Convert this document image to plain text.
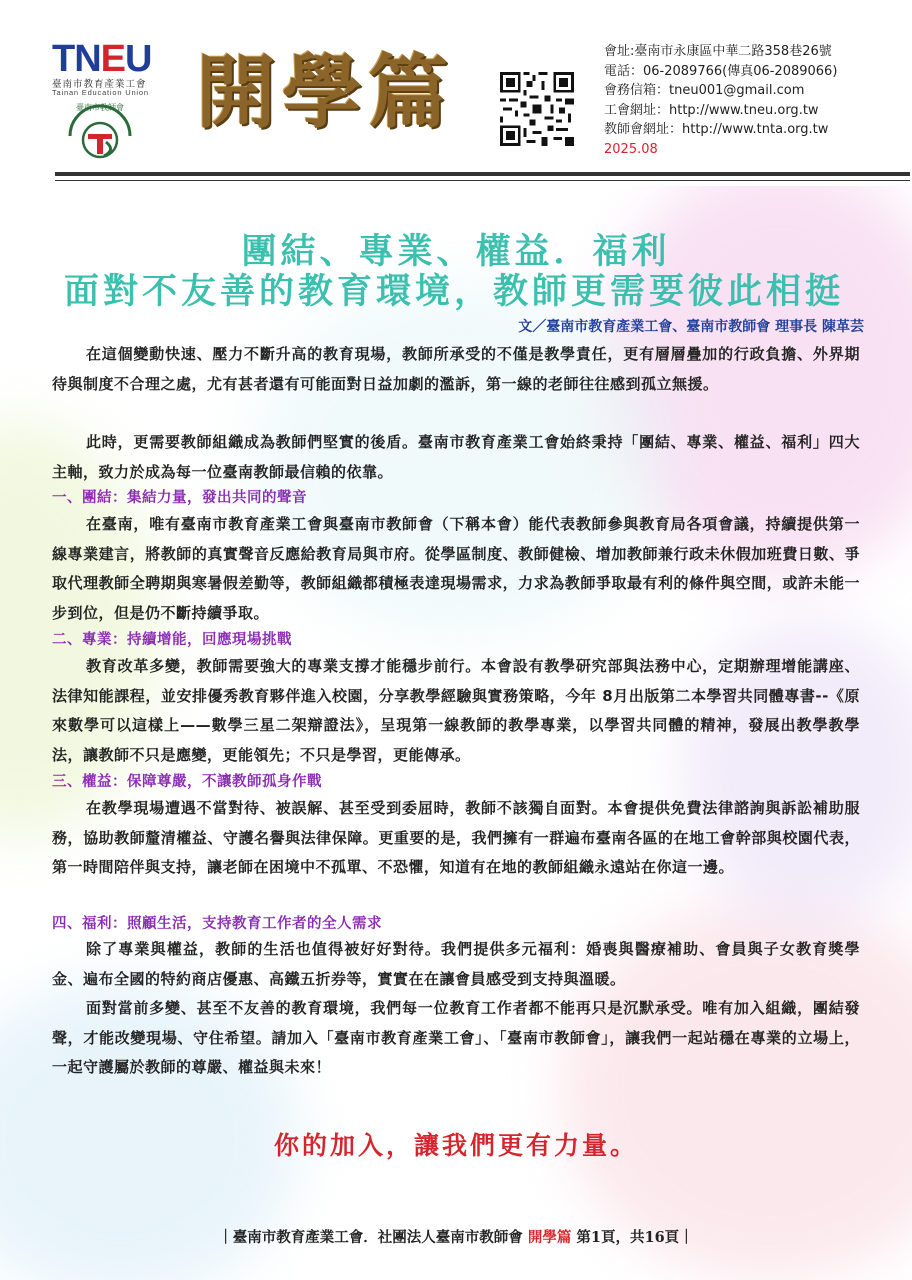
TNEU
臺南市教育產業工會
Tainan Education Union
臺南市教師會 開學篇	會址:臺南市永康區中華二路358巷26號
電話：06-2089766(傳真06-2089066)
會務信箱：tneu001@gmail.com
工會網址：http://www.tneu.org.tw
教師會網址：http://www.tnta.org.tw
2025.08
團結、專業、權益．福利
面對不友善的教育環境，教師更需要彼此相挺
文／臺南市教育產業工會、臺南市教師會 理事長 陳革芸
在這個變動快速、壓力不斷升高的教育現場，教師所承受的不僅是教學責任，更有層層疊加的行政負擔、外界期待與制度不合理之處，尤有甚者還有可能面對日益加劇的濫訴，第一線的老師往往感到孤立無援。
此時，更需要教師組織成為教師們堅實的後盾。臺南市教育產業工會始終秉持「團結、專業、權益、福利」四大主軸，致力於成為每一位臺南教師最信賴的依靠。
一、團結：集結力量，發出共同的聲音
在臺南，唯有臺南市教育產業工會與臺南市教師會（下稱本會）能代表教師參與教育局各項會議，持續提供第一線專業建言，將教師的真實聲音反應給教育局與市府。從學區制度、教師健檢、增加教師兼行政未休假加班費日數、爭取代理教師全聘期與寒暑假差勤等，教師組織都積極表達現場需求，力求為教師爭取最有利的條件與空間，或許未能一步到位，但是仍不斷持續爭取。
二、專業：持續增能，回應現場挑戰
教育改革多變，教師需要強大的專業支撐才能穩步前行。本會設有教學研究部與法務中心，定期辦理增能講座、法律知能課程，並安排優秀教育夥伴進入校園，分享教學經驗與實務策略，今年 8月出版第二本學習共同體專書--《原來數學可以這樣上——數學三星二架辯證法》，呈現第一線教師的教學專業，以學習共同體的精神，發展出教學教學法，讓教師不只是應變，更能領先；不只是學習，更能傳承。
三、權益：保障尊嚴，不讓教師孤身作戰
在教學現場遭遇不當對待、被誤解、甚至受到委屈時，教師不該獨自面對。本會提供免費法律諮詢與訴訟補助服務，協助教師釐清權益、守護名譽與法律保障。更重要的是，我們擁有一群遍布臺南各區的在地工會幹部與校園代表，第一時間陪伴與支持，讓老師在困境中不孤單、不恐懼，知道有在地的教師組織永遠站在你這一邊。
四、福利：照顧生活，支持教育工作者的全人需求
除了專業與權益，教師的生活也值得被好好對待。我們提供多元福利：婚喪與醫療補助、會員與子女教育獎學金、遍布全國的特約商店優惠、高鐵五折券等，實實在在讓會員感受到支持與溫暖。
面對當前多變、甚至不友善的教育環境，我們每一位教育工作者都不能再只是沉默承受。唯有加入組織，團結發聲，才能改變現場、守住希望。請加入「臺南市教育產業工會」、「臺南市教師會」，讓我們一起站穩在專業的立場上，一起守護屬於教師的尊嚴、權益與未來！
你的加入，讓我們更有力量。
｜臺南市教育產業工會．社團法人臺南市教師會 開學篇 第1頁，共16頁｜
